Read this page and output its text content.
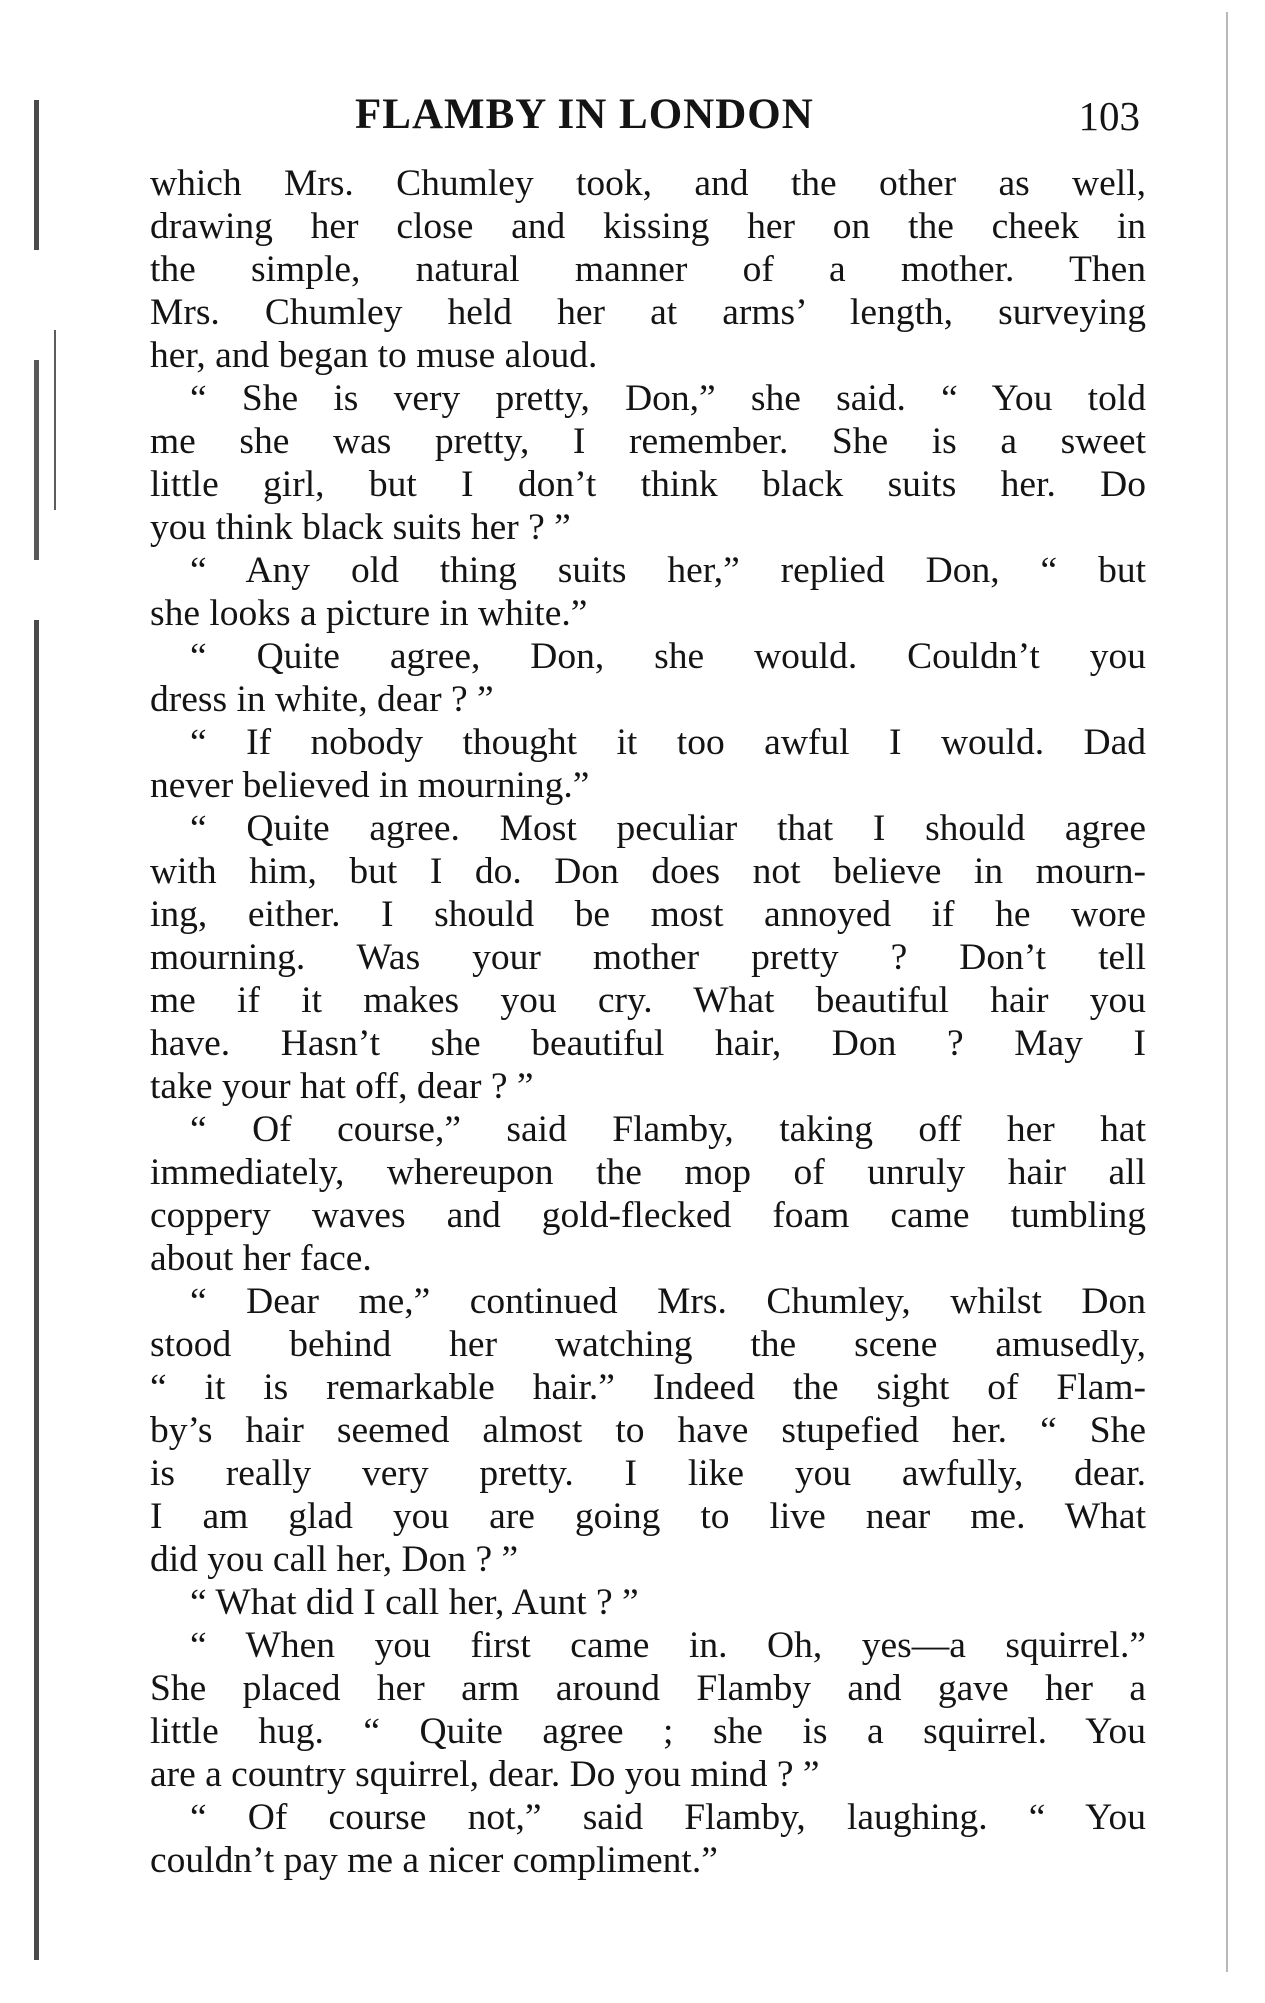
FLAMBY IN LONDON	103
which Mrs. Chumley took, and the other as well,
drawing her close and kissing her on the cheek in
the simple, natural manner of a mother. Then
Mrs. Chumley held her at arms’ length, surveying
her, and began to muse aloud.
“ She is very pretty, Don,” she said. “ You told
me she was pretty, I remember. She is a sweet
little girl, but I don’t think black suits her. Do
you think black suits her ? ”
“ Any old thing suits her,” replied Don, “ but
she looks a picture in white.”
“ Quite agree, Don, she would. Couldn’t you
dress in white, dear ? ”
“ If nobody thought it too awful I would. Dad
never believed in mourning.”
“ Quite agree. Most peculiar that I should agree
with him, but I do. Don does not believe in mourn-
ing, either. I should be most annoyed if he wore
mourning. Was your mother pretty ? Don’t tell
me if it makes you cry. What beautiful hair you
have. Hasn’t she beautiful hair, Don ? May I
take your hat off, dear ? ”
“ Of course,” said Flamby, taking off her hat
immediately, whereupon the mop of unruly hair all
coppery waves and gold-flecked foam came tumbling
about her face.
“ Dear me,” continued Mrs. Chumley, whilst Don
stood behind her watching the scene amusedly,
“ it is remarkable hair.” Indeed the sight of Flam-
by’s hair seemed almost to have stupefied her. “ She
is really very pretty. I like you awfully, dear.
I am glad you are going to live near me. What
did you call her, Don ? ”
“ What did I call her, Aunt ? ”
“ When you first came in. Oh, yes—a squirrel.”
She placed her arm around Flamby and gave her a
little hug. “ Quite agree ; she is a squirrel. You
are a country squirrel, dear. Do you mind ? ”
“ Of course not,” said Flamby, laughing. “ You
couldn’t pay me a nicer compliment.”
